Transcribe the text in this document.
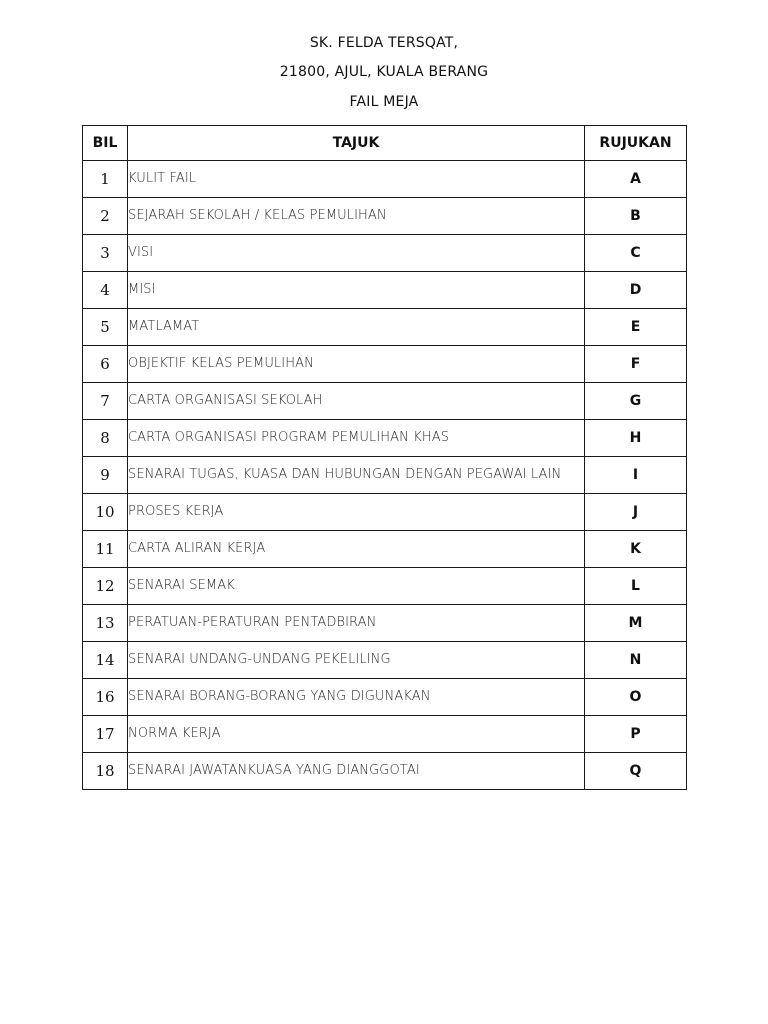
SK. FELDA TERSQAT,
21800, AJUL, KUALA BERANG
FAIL MEJA
BIL	TAJUK	RUJUKAN
1	KULIT FAIL	A
2	SEJARAH SEKOLAH / KELAS PEMULIHAN	B
3	VISI	C
4	MISI	D
5	MATLAMAT	E
6	OBJEKTIF KELAS PEMULIHAN	F
7	CARTA ORGANISASI SEKOLAH	G
8	CARTA ORGANISASI PROGRAM PEMULIHAN KHAS	H
9	SENARAI TUGAS, KUASA DAN HUBUNGAN DENGAN PEGAWAI LAIN	I
10	PROSES KERJA	J
11	CARTA ALIRAN KERJA	K
12	SENARAI SEMAK	L
13	PERATUAN-PERATURAN PENTADBIRAN	M
14	SENARAI UNDANG-UNDANG PEKELILING	N
16	SENARAI BORANG-BORANG YANG DIGUNAKAN	O
17	NORMA KERJA	P
18	SENARAI JAWATANKUASA YANG DIANGGOTAI	Q
